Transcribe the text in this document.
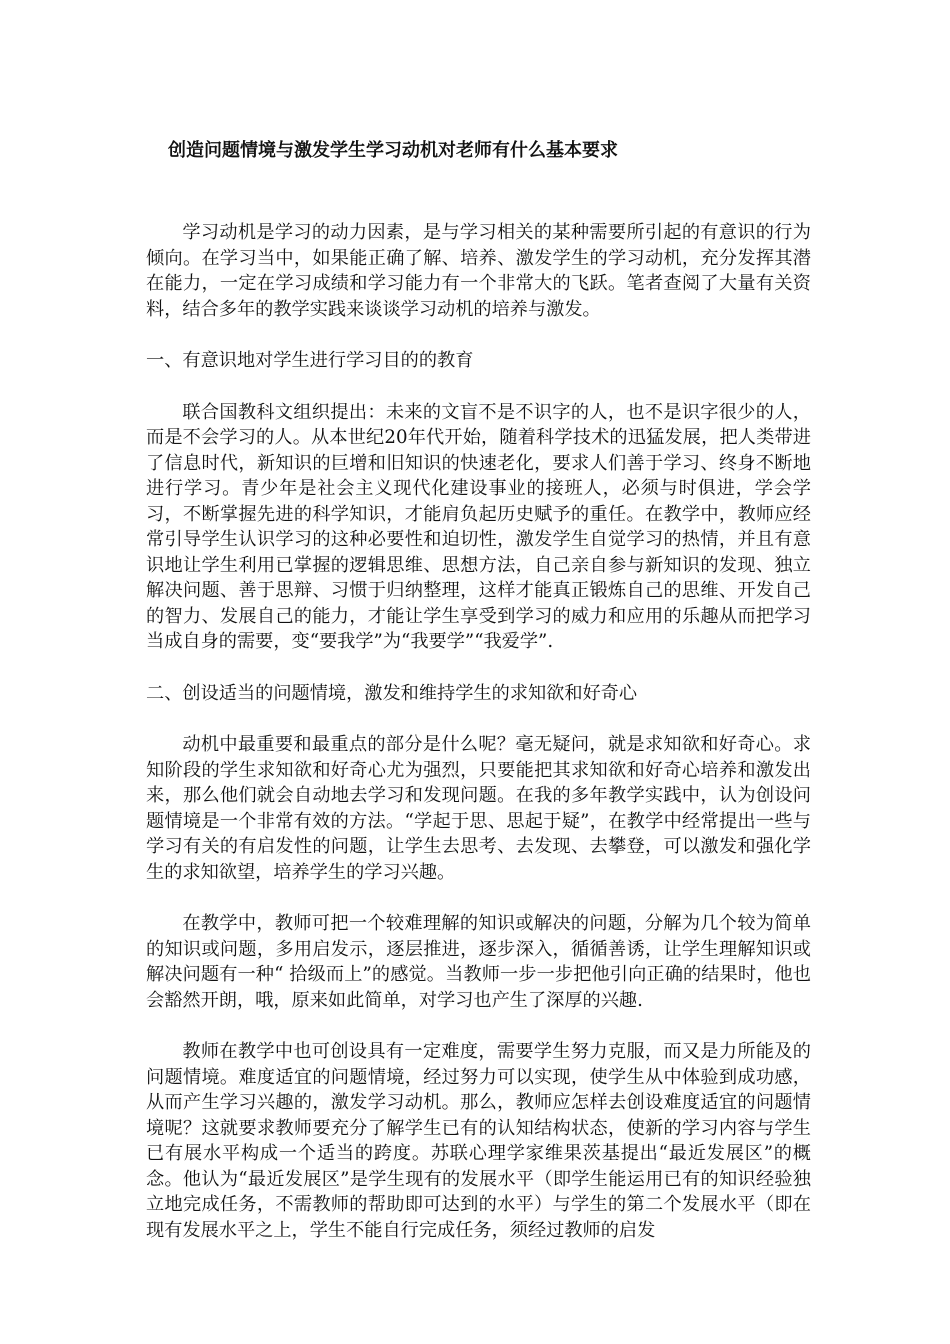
创造问题情境与激发学生学习动机对老师有什么基本要求

学习动机是学习的动力因素，是与学习相关的某种需要所引起的有意识的行为倾向。在学习当中，如果能正确了解、培养、激发学生的学习动机，充分发挥其潜在能力，一定在学习成绩和学习能力有一个非常大的飞跃。笔者查阅了大量有关资料，结合多年的教学实践来谈谈学习动机的培养与激发。

一、有意识地对学生进行学习目的的教育

联合国教科文组织提出：未来的文盲不是不识字的人，也不是识字很少的人，而是不会学习的人。从本世纪20年代开始，随着科学技术的迅猛发展，把人类带进了信息时代，新知识的巨增和旧知识的快速老化，要求人们善于学习、终身不断地进行学习。青少年是社会主义现代化建设事业的接班人，必须与时俱进，学会学习，不断掌握先进的科学知识，才能肩负起历史赋予的重任。在教学中，教师应经常引导学生认识学习的这种必要性和迫切性，激发学生自觉学习的热情，并且有意识地让学生利用已掌握的逻辑思维、思想方法，自己亲自参与新知识的发现、独立解决问题、善于思辩、习惯于归纳整理，这样才能真正锻炼自己的思维、开发自己的智力、发展自己的能力，才能让学生享受到学习的威力和应用的乐趣从而把学习当成自身的需要，变“要我学”为“我要学”“我爱学”.

二、创设适当的问题情境，激发和维持学生的求知欲和好奇心

动机中最重要和最重点的部分是什么呢？毫无疑问，就是求知欲和好奇心。求知阶段的学生求知欲和好奇心尤为强烈，只要能把其求知欲和好奇心培养和激发出来，那么他们就会自动地去学习和发现问题。在我的多年教学实践中，认为创设问题情境是一个非常有效的方法。“学起于思、思起于疑”，在教学中经常提出一些与学习有关的有启发性的问题，让学生去思考、去发现、去攀登，可以激发和强化学生的求知欲望，培养学生的学习兴趣。

在教学中，教师可把一个较难理解的知识或解决的问题，分解为几个较为简单的知识或问题，多用启发示，逐层推进，逐步深入，循循善诱，让学生理解知识或解决问题有一种“ 拾级而上”的感觉。当教师一步一步把他引向正确的结果时，他也会豁然开朗，哦，原来如此简单，对学习也产生了深厚的兴趣.

教师在教学中也可创设具有一定难度，需要学生努力克服，而又是力所能及的问题情境。难度适宜的问题情境，经过努力可以实现，使学生从中体验到成功感，从而产生学习兴趣的，激发学习动机。那么，教师应怎样去创设难度适宜的问题情境呢？这就要求教师要充分了解学生已有的认知结构状态，使新的学习内容与学生已有展水平构成一个适当的跨度。苏联心理学家维果茨基提出“最近发展区”的概念。他认为“最近发展区”是学生现有的发展水平（即学生能运用已有的知识经验独立地完成任务，不需教师的帮助即可达到的水平）与学生的第二个发展水平（即在现有发展水平之上，学生不能自行完成任务，须经过教师的启发
